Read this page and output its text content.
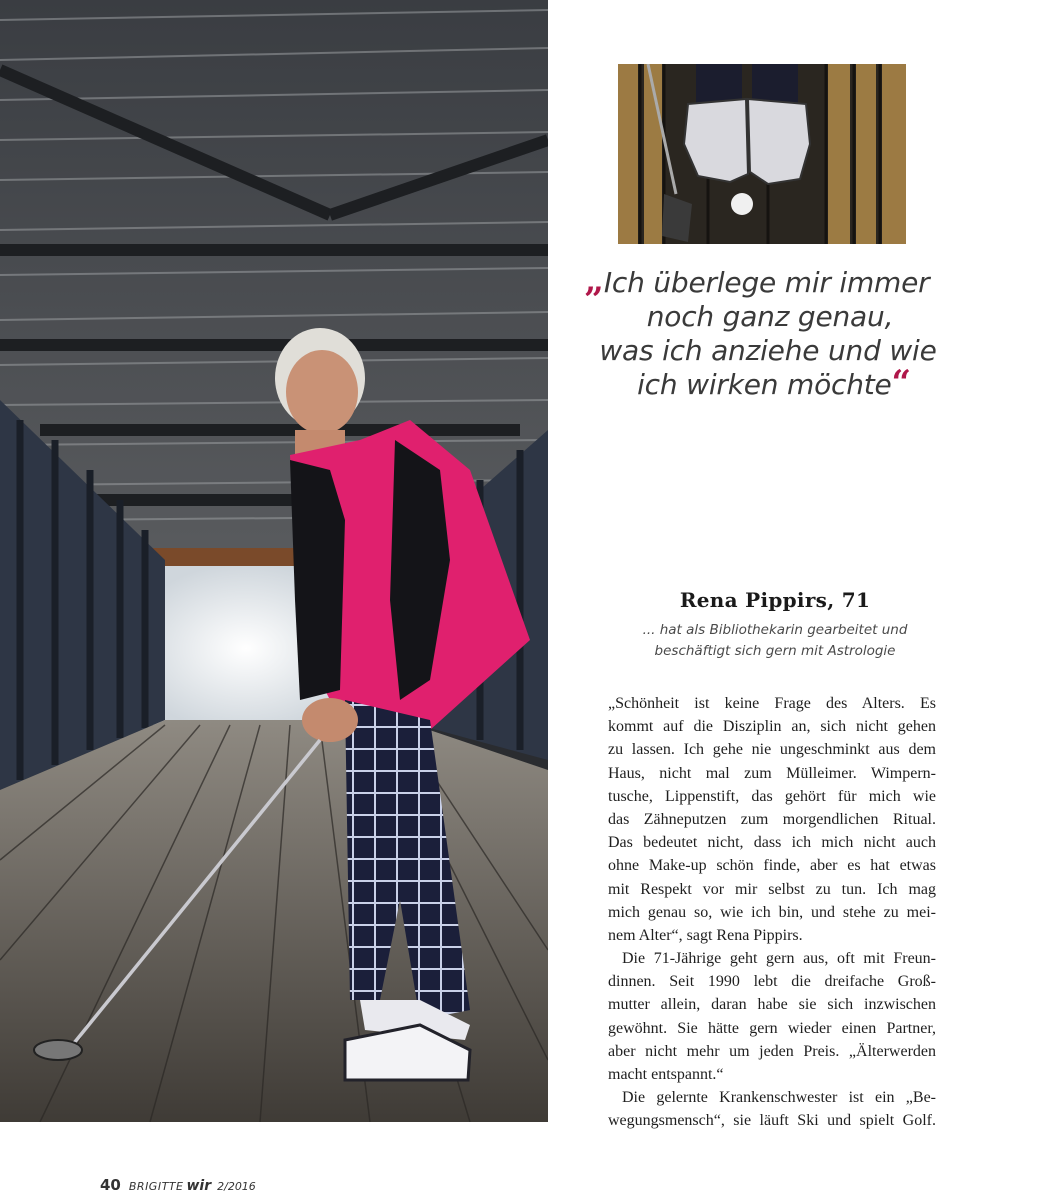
„Ich überlege mir immer
noch ganz genau,
was ich anziehe und wie
ich wirken möchte“
Rena Pippirs, 71
... hat als Bibliothekarin gearbeitet und
beschäftigt sich gern mit Astrologie
„Schönheit ist keine Frage des Alters. Es
kommt auf die Disziplin an, sich nicht gehen
zu lassen. Ich gehe nie ungeschminkt aus dem
Haus, nicht mal zum Mülleimer. Wimpern-
tusche, Lippenstift, das gehört für mich wie
das Zähneputzen zum morgendlichen Ritual.
Das bedeutet nicht, dass ich mich nicht auch
ohne Make-up schön finde, aber es hat etwas
mit Respekt vor mir selbst zu tun. Ich mag
mich genau so, wie ich bin, und stehe zu mei-
nem Alter“, sagt Rena Pippirs.
Die 71-Jährige geht gern aus, oft mit Freun-
dinnen. Seit 1990 lebt die dreifache Groß-
mutter allein, daran habe sie sich inzwischen
gewöhnt. Sie hätte gern wieder einen Partner,
aber nicht mehr um jeden Preis. „Älterwerden
macht entspannt.“
Die gelernte Krankenschwester ist ein „Be-
wegungsmensch“, sie läuft Ski und spielt Golf.
40 BRIGITTE wir 2/2016
